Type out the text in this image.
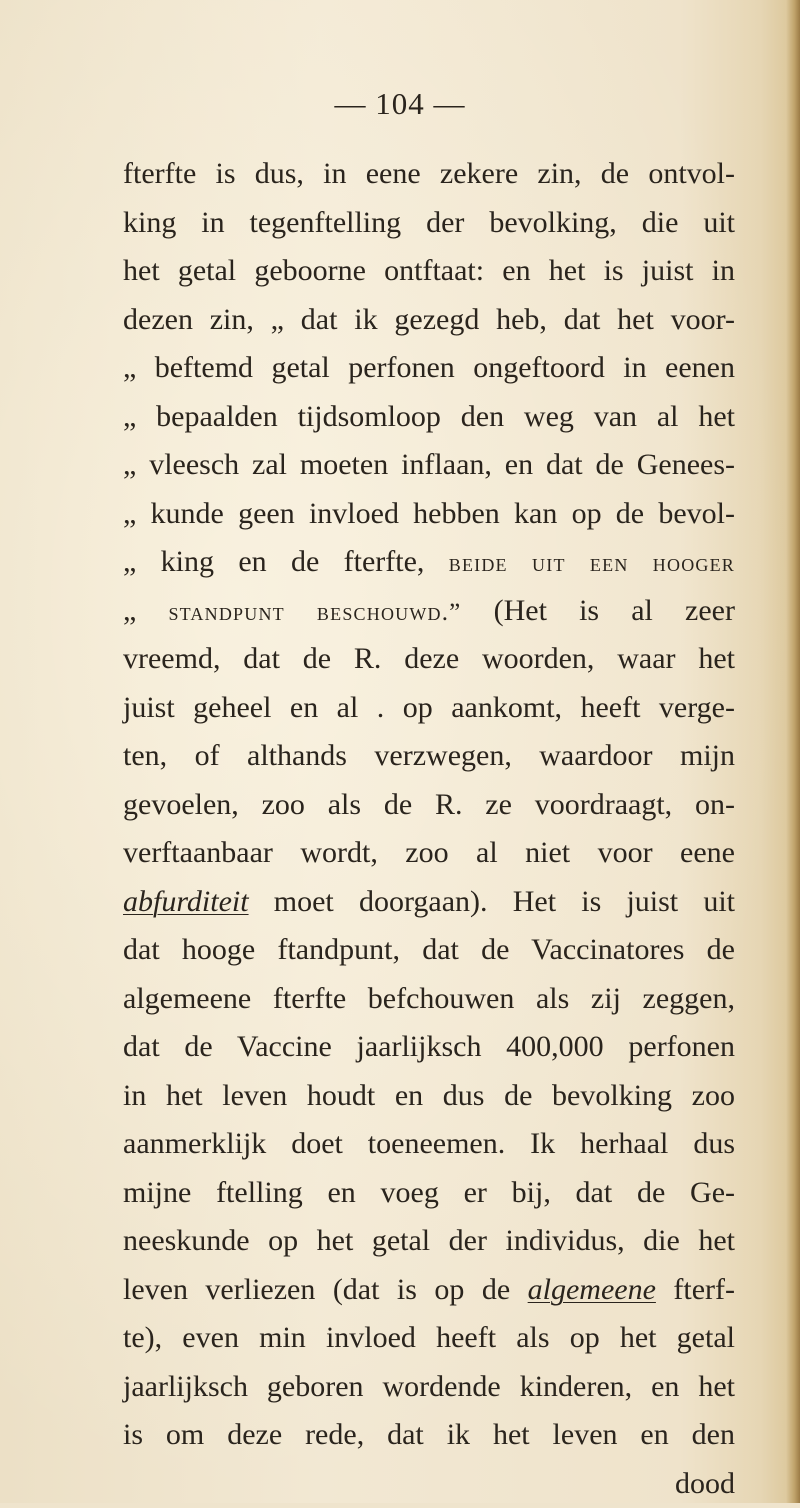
— 104 —
fterfte is dus, in eene zekere zin, de ontvol-
king in tegenftelling der bevolking, die uit
het getal geboorne ontftaat: en het is juist in
dezen zin, „ dat ik gezegd heb, dat het voor-
„ beftemd getal perfonen ongeftoord in eenen
„ bepaalden tijdsomloop den weg van al het
„ vleesch zal moeten inflaan, en dat de Genees-
„ kunde geen invloed hebben kan op de bevol-
„ king en de fterfte, beide uit een hooger
„ standpunt beschouwd.” (Het is al zeer
vreemd, dat de R. deze woorden, waar het
juist geheel en al . op aankomt, heeft verge-
ten, of althands verzwegen, waardoor mijn
gevoelen, zoo als de R. ze voordraagt, on-
verftaanbaar wordt, zoo al niet voor eene
abfurditeit moet doorgaan). Het is juist uit
dat hooge ftandpunt, dat de Vaccinatores de
algemeene fterfte befchouwen als zij zeggen,
dat de Vaccine jaarlijksch 400,000 perfonen
in het leven houdt en dus de bevolking zoo
aanmerklijk doet toeneemen. Ik herhaal dus
mijne ftelling en voeg er bij, dat de Ge-
neeskunde op het getal der individus, die het
leven verliezen (dat is op de algemeene fterf-
te), even min invloed heeft als op het getal
jaarlijksch geboren wordende kinderen, en het
is om deze rede, dat ik het leven en den
dood
